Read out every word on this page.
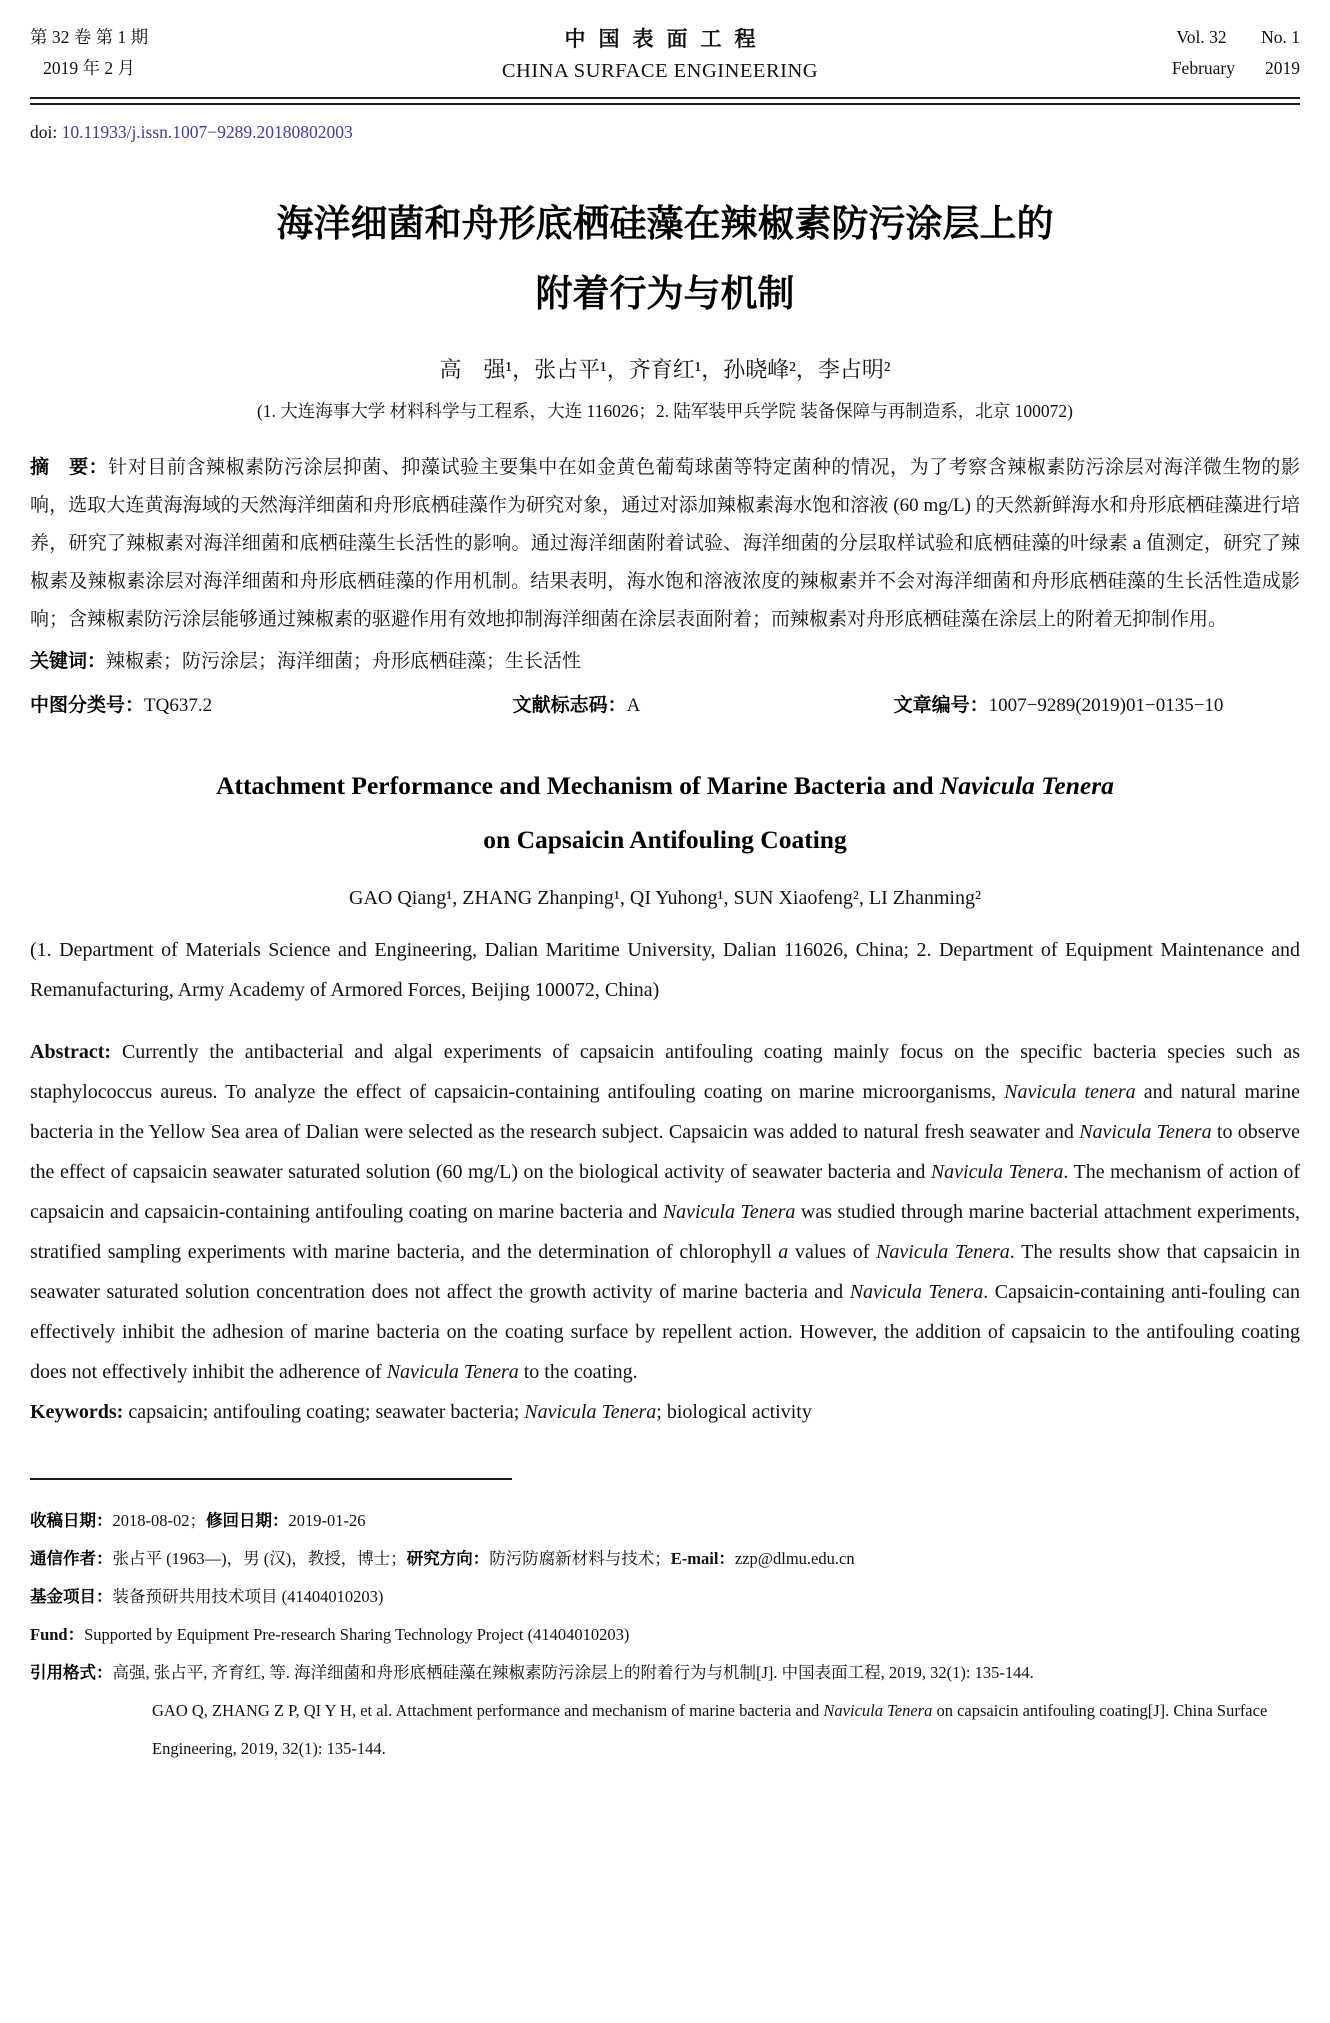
第 32 卷 第 1 期
2019 年 2 月
中国表面工程
CHINA SURFACE ENGINEERING
Vol. 32 No. 1
February 2019
doi: 10.11933/j.issn.1007−9289.20180802003
海洋细菌和舟形底栖硅藻在辣椒素防污涂层上的
附着行为与机制
高　强¹，张占平¹，齐育红¹，孙晓峰²，李占明²
(1. 大连海事大学 材料科学与工程系，大连 116026；2. 陆军装甲兵学院 装备保障与再制造系，北京 100072)
摘　要：针对目前含辣椒素防污涂层抑菌、抑藻试验主要集中在如金黄色葡萄球菌等特定菌种的情况，为了考察含辣椒素防污涂层对海洋微生物的影响，选取大连黄海海域的天然海洋细菌和舟形底栖硅藻作为研究对象，通过对添加辣椒素海水饱和溶液 (60 mg/L) 的天然新鲜海水和舟形底栖硅藻进行培养，研究了辣椒素对海洋细菌和底栖硅藻生长活性的影响。通过海洋细菌附着试验、海洋细菌的分层取样试验和底栖硅藻的叶绿素 a 值测定，研究了辣椒素及辣椒素涂层对海洋细菌和舟形底栖硅藻的作用机制。结果表明，海水饱和溶液浓度的辣椒素并不会对海洋细菌和舟形底栖硅藻的生长活性造成影响；含辣椒素防污涂层能够通过辣椒素的驱避作用有效地抑制海洋细菌在涂层表面附着；而辣椒素对舟形底栖硅藻在涂层上的附着无抑制作用。
关键词：辣椒素；防污涂层；海洋细菌；舟形底栖硅藻；生长活性
中图分类号：TQ637.2	文献标志码：A	文章编号：1007−9289(2019)01−0135−10
Attachment Performance and Mechanism of Marine Bacteria and Navicula Tenera
on Capsaicin Antifouling Coating
GAO Qiang¹, ZHANG Zhanping¹, QI Yuhong¹, SUN Xiaofeng², LI Zhanming²
(1. Department of Materials Science and Engineering, Dalian Maritime University, Dalian 116026, China; 2. Department of Equipment Maintenance and Remanufacturing, Army Academy of Armored Forces, Beijing 100072, China)
Abstract: Currently the antibacterial and algal experiments of capsaicin antifouling coating mainly focus on the specific bacteria species such as staphylococcus aureus. To analyze the effect of capsaicin-containing antifouling coating on marine microorganisms, Navicula tenera and natural marine bacteria in the Yellow Sea area of Dalian were selected as the research subject. Capsaicin was added to natural fresh seawater and Navicula Tenera to observe the effect of capsaicin seawater saturated solution (60 mg/L) on the biological activity of seawater bacteria and Navicula Tenera. The mechanism of action of capsaicin and capsaicin-containing antifouling coating on marine bacteria and Navicula Tenera was studied through marine bacterial attachment experiments, stratified sampling experiments with marine bacteria, and the determination of chlorophyll a values of Navicula Tenera. The results show that capsaicin in seawater saturated solution concentration does not affect the growth activity of marine bacteria and Navicula Tenera. Capsaicin-containing anti-fouling can effectively inhibit the adhesion of marine bacteria on the coating surface by repellent action. However, the addition of capsaicin to the antifouling coating does not effectively inhibit the adherence of Navicula Tenera to the coating.
Keywords: capsaicin; antifouling coating; seawater bacteria; Navicula Tenera; biological activity
收稿日期：2018-08-02；修回日期：2019-01-26
通信作者：张占平 (1963—)，男 (汉)，教授，博士；研究方向：防污防腐新材料与技术；E-mail：zzp@dlmu.edu.cn
基金项目：装备预研共用技术项目 (41404010203)
Fund：Supported by Equipment Pre-research Sharing Technology Project (41404010203)
引用格式：高强, 张占平, 齐育红, 等. 海洋细菌和舟形底栖硅藻在辣椒素防污涂层上的附着行为与机制[J]. 中国表面工程, 2019, 32(1): 135-144.
GAO Q, ZHANG Z P, QI Y H, et al. Attachment performance and mechanism of marine bacteria and Navicula Tenera on capsaicin antifouling coating[J]. China Surface Engineering, 2019, 32(1): 135-144.
